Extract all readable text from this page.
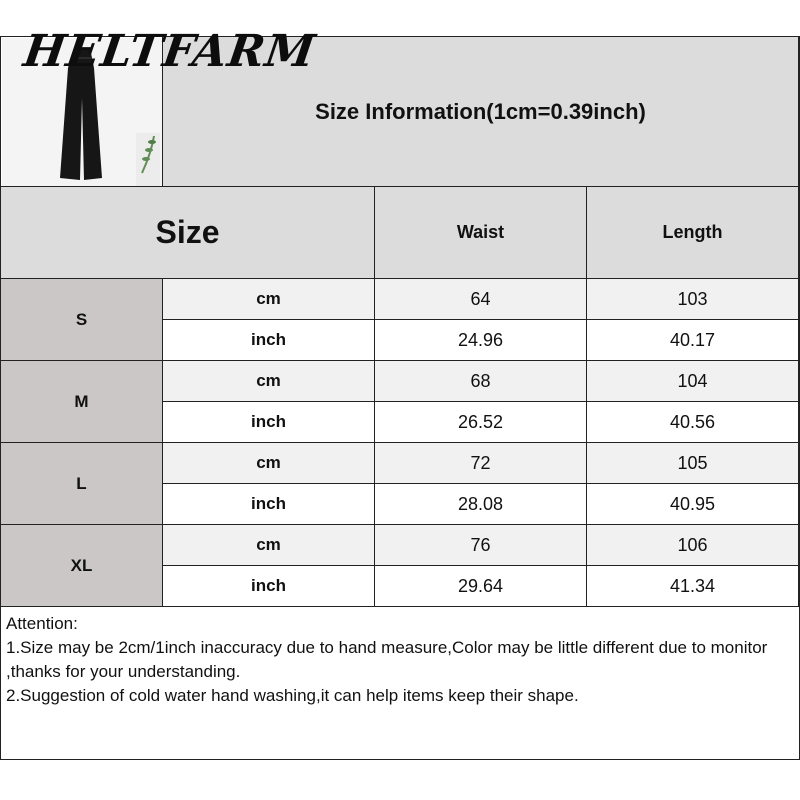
Size Information(1cm=0.39inch)
Size	Waist	Length
S
cm	64	103
inch	24.96	40.17
M
cm	68	104
inch	26.52	40.56
L
cm	72	105
inch	28.08	40.95
XL
cm	76	106
inch	29.64	41.34
HELTFARM
Attention:
1.Size may be 2cm/1inch inaccuracy due to hand measure,Color may be little different due to monitor ,thanks for your understanding.
2.Suggestion of cold water hand washing,it can help items keep their shape.
